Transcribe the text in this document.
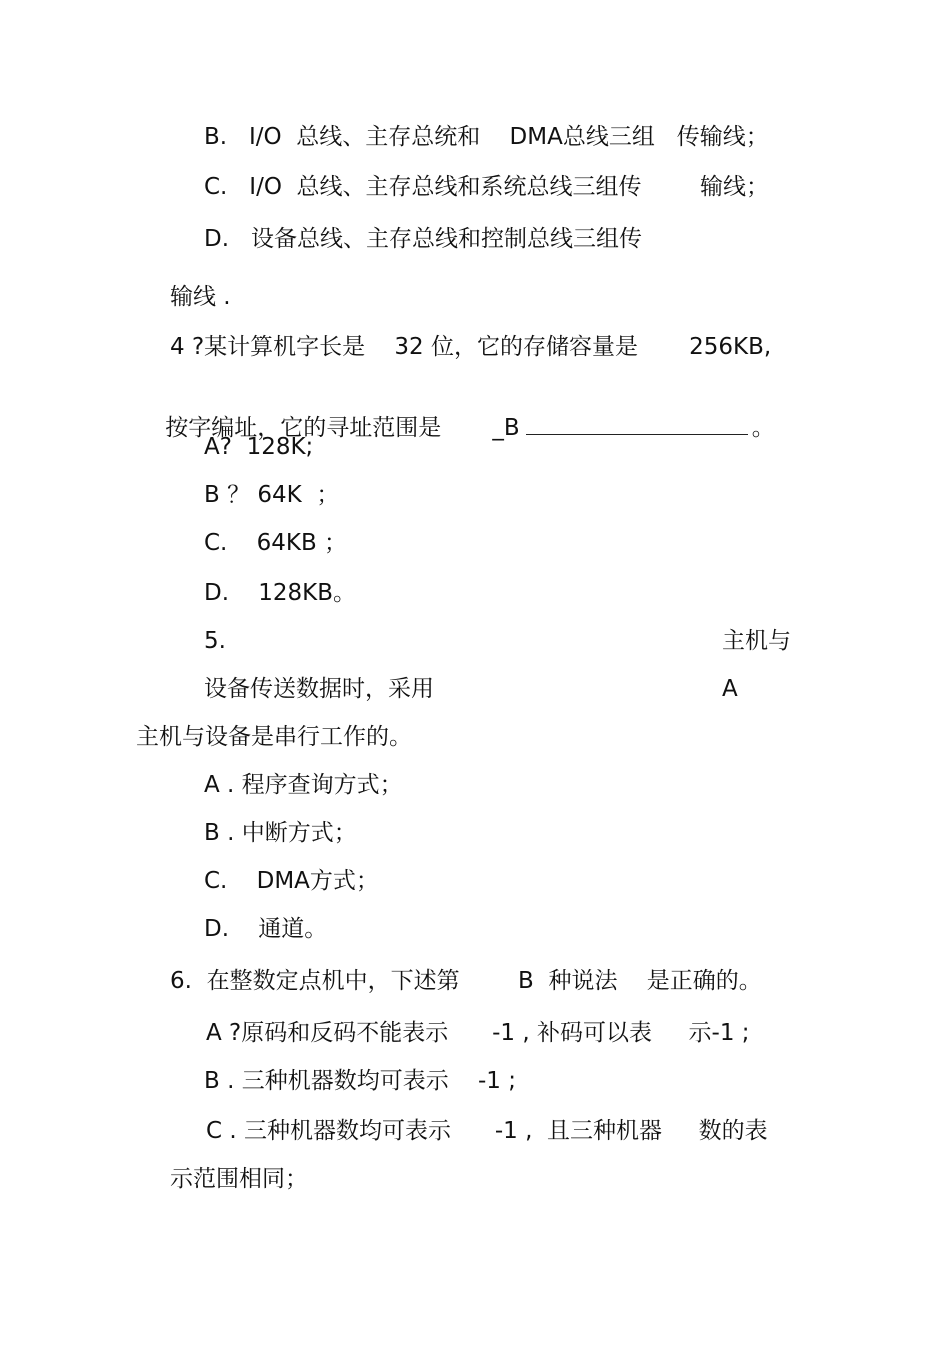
B.   I/O  总线、主存总统和    DMA总线三组   传输线；
C.   I/O  总线、主存总线和系统总线三组传        输线；
D.   设备总线、主存总线和控制总线三组传
输线 .
4 ?某计算机字长是    32 位，它的存储容量是       256KB,

按字编址，它的寻址范围是       _B	。

A?  128K;
B ？ 64K  ；
C.    64KB ；
D.    128KB。
5.	主机与
设备传送数据时，采用	A
主机与设备是串行工作的。
A . 程序查询方式；
B . 中断方式；
C.    DMA方式；
D.    通道。
6.  在整数定点机中，下述第        B  种说法    是正确的。
A ?原码和反码不能表示      -1 , 补码可以表     示-1 ;
B . 三种机器数均可表示    -1 ;
C . 三种机器数均可表示      -1 ,  且三种机器     数的表
示范围相同；
